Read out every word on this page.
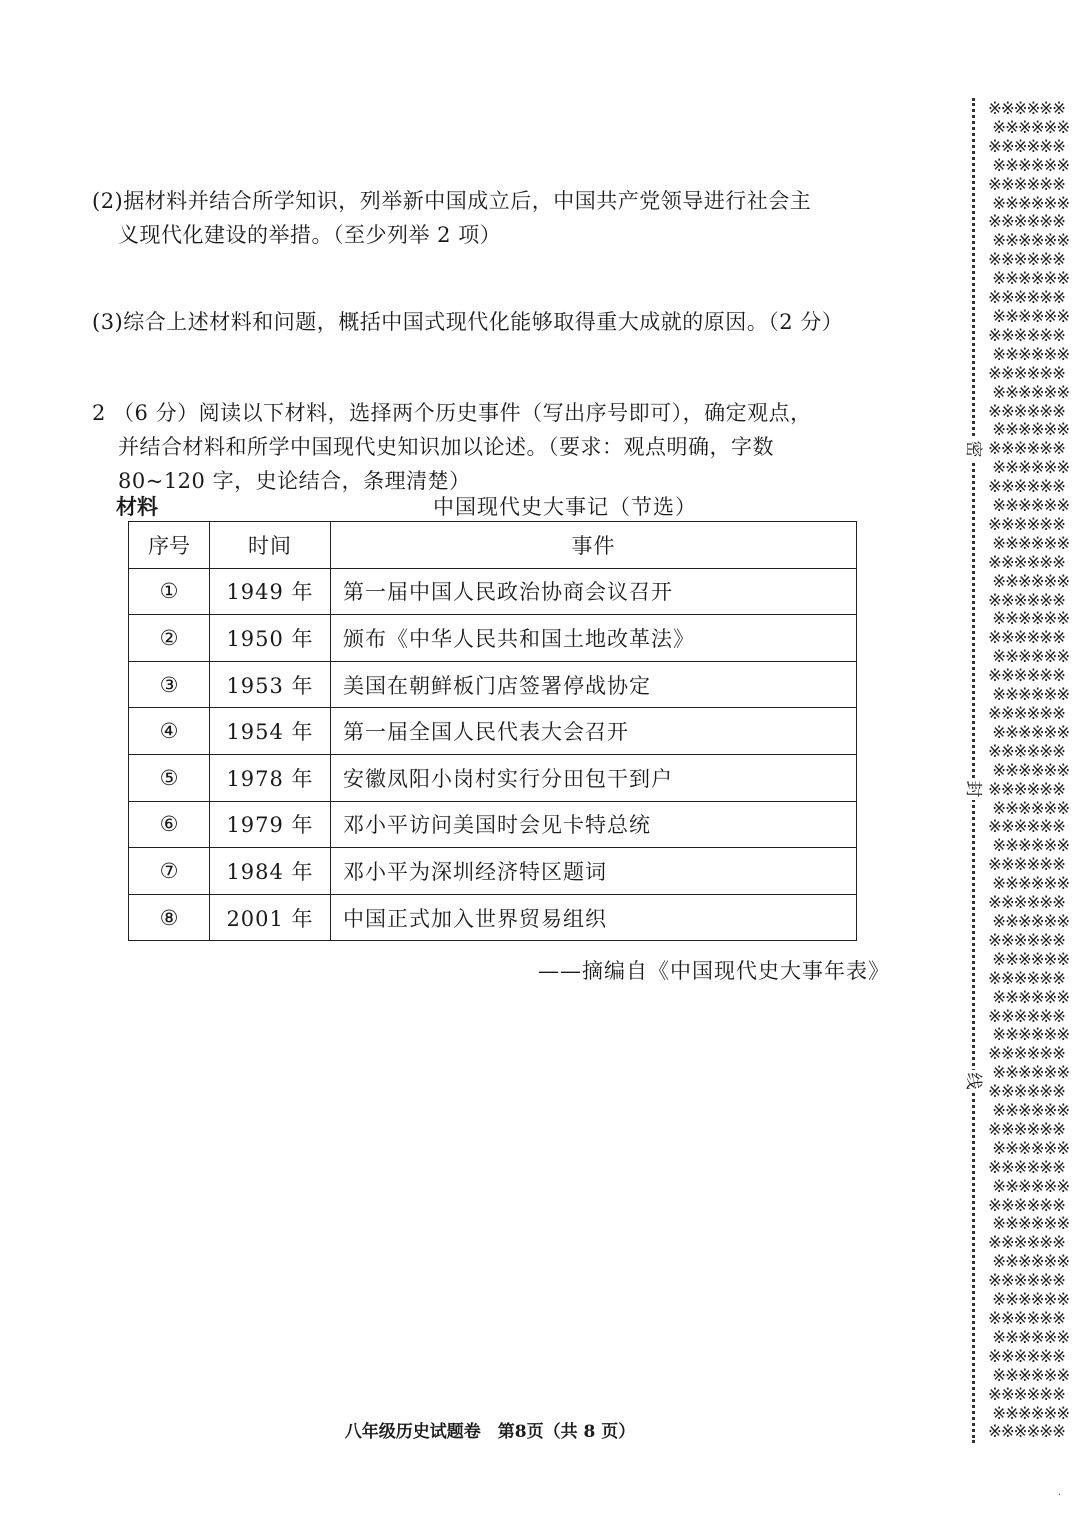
(2)据材料并结合所学知识，列举新中国成立后，中国共产党领导进行社会主
义现代化建设的举措。（至少列举 2 项）
(3)综合上述材料和问题，概括中国式现代化能够取得重大成就的原因。（2 分）
2 （6 分）阅读以下材料，选择两个历史事件（写出序号即可），确定观点，
并结合材料和所学中国现代史知识加以论述。（要求：观点明确，字数
80~120 字，史论结合，条理清楚）
材料	中国现代史大事记（节选）
序号	时间	事件
①	1949 年	第一届中国人民政治协商会议召开
②	1950 年	颁布《中华人民共和国土地改革法》
③	1953 年	美国在朝鲜板门店签署停战协定
④	1954 年	第一届全国人民代表大会召开
⑤	1978 年	安徽凤阳小岗村实行分田包干到户
⑥	1979 年	邓小平访问美国时会见卡特总统
⑦	1984 年	邓小平为深圳经济特区题词
⑧	2001 年	中国正式加入世界贸易组织
——摘编自《中国现代史大事年表》
※※※※※※
※※※※※※
※※※※※※
※※※※※※
※※※※※※
※※※※※※
※※※※※※
※※※※※※
※※※※※※
※※※※※※
※※※※※※
※※※※※※
※※※※※※
※※※※※※
※※※※※※
※※※※※※
※※※※※※
※※※※※※
※※※※※※
※※※※※※
※※※※※※
※※※※※※
※※※※※※
※※※※※※
※※※※※※
※※※※※※
※※※※※※
※※※※※※
※※※※※※
※※※※※※
※※※※※※
※※※※※※
※※※※※※
※※※※※※
※※※※※※
※※※※※※
※※※※※※
※※※※※※
※※※※※※
※※※※※※
※※※※※※
※※※※※※
※※※※※※
※※※※※※
※※※※※※
※※※※※※
※※※※※※
※※※※※※
※※※※※※
※※※※※※
※※※※※※
※※※※※※
※※※※※※
※※※※※※
※※※※※※
※※※※※※
※※※※※※
※※※※※※
※※※※※※
※※※※※※
※※※※※※
※※※※※※
※※※※※※
※※※※※※
※※※※※※
※※※※※※
※※※※※※
※※※※※※
※※※※※※
※※※※※※
※※※※※※
密
封
线
八年级历史试题卷　第8页（共 8 页）
·
